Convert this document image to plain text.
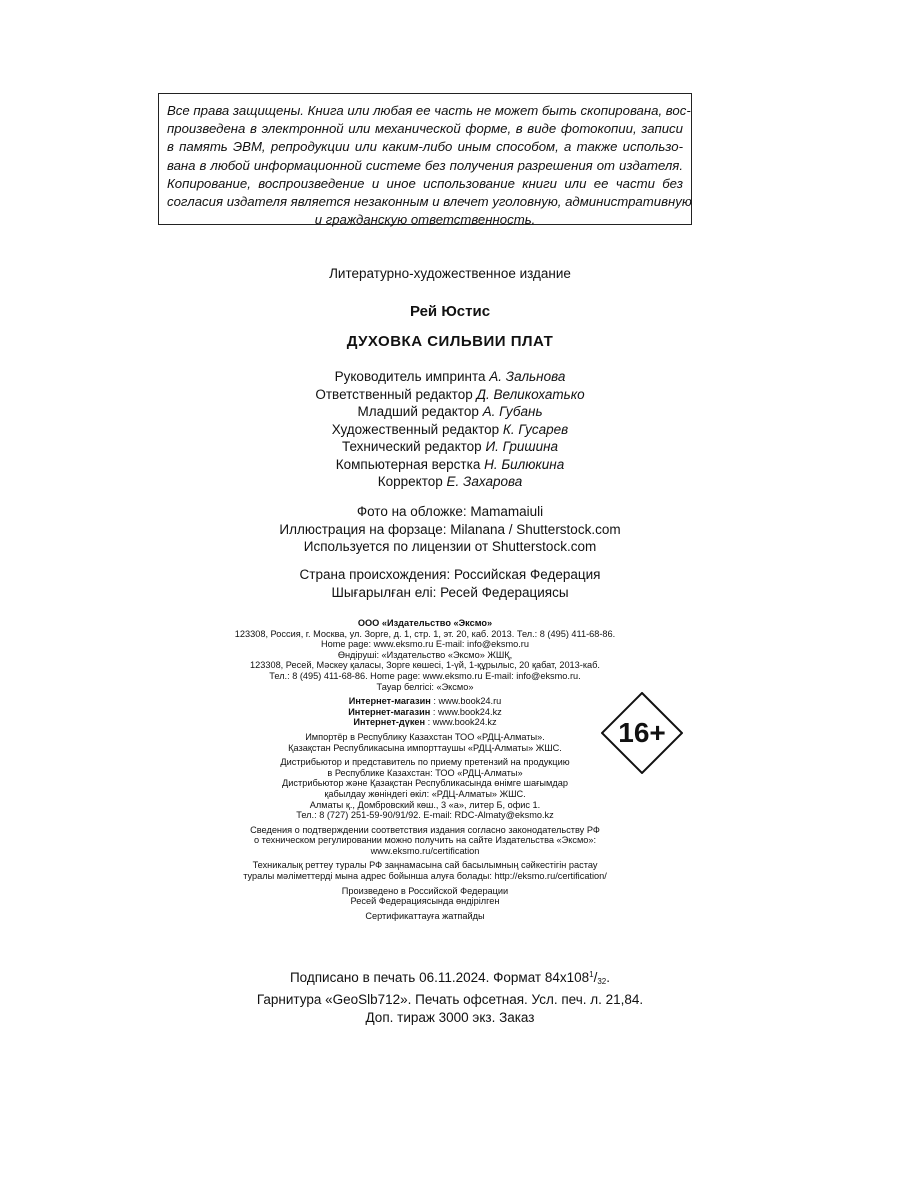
Все права защищены. Книга или любая ее часть не может быть скопирована, вос-
произведена в электронной или механической форме, в виде фотокопии, записи
в память ЭВМ, репродукции или каким-либо иным способом, а также использо-
вана в любой информационной системе без получения разрешения от издателя.
Копирование, воспроизведение и иное использование книги или ее части без
согласия издателя является незаконным и влечет уголовную, административную
и гражданскую ответственность.
Литературно-художественное издание
Рей Юстис
ДУХОВКА СИЛЬВИИ ПЛАТ
Руководитель импринта А. Зальнова
Ответственный редактор Д. Великохатько
Младший редактор А. Губань
Художественный редактор К. Гусарев
Технический редактор И. Гришина
Компьютерная верстка Н. Билюкина
Корректор Е. Захарова
Фото на обложке: Mamamaiuli
Иллюстрация на форзаце: Milanana / Shutterstock.com
Используется по лицензии от Shutterstock.com
Страна происхождения: Российская Федерация
Шығарылған елі: Ресей Федерациясы
ООО «Издательство «Эксмо»
123308, Россия, г. Москва, ул. Зорге, д. 1, стр. 1, эт. 20, каб. 2013. Тел.: 8 (495) 411-68-86.
Home page: www.eksmo.ru E-mail: info@eksmo.ru
Өндіруші: «Издательство «Эксмо» ЖШҚ,
123308, Ресей, Мәскеу қаласы, Зорге көшесі, 1-үй, 1-құрылыс, 20 қабат, 2013-каб.
Тел.: 8 (495) 411-68-86. Home page: www.eksmo.ru E-mail: info@eksmo.ru.
Тауар белгісі: «Эксмо»
Интернет-магазин : www.book24.ru
Интернет-магазин : www.book24.kz
Интернет-дүкен : www.book24.kz
Импортёр в Республику Казахстан ТОО «РДЦ-Алматы».
Қазақстан Республикасына импорттаушы «РДЦ-Алматы» ЖШС.
Дистрибьютор и представитель по приему претензий на продукцию
в Республике Казахстан: ТОО «РДЦ-Алматы»
Дистрибьютор және Қазақстан Республикасында өнімге шағымдар
қабылдау жөніндегі өкіл: «РДЦ-Алматы» ЖШС.
Алматы қ., Домбровский көш., 3 «а», литер Б, офис 1.
Тел.: 8 (727) 251-59-90/91/92. E-mail: RDC-Almaty@eksmo.kz
Сведения о подтверждении соответствия издания согласно законодательству РФ
о техническом регулировании можно получить на сайте Издательства «Эксмо»:
www.eksmo.ru/certification
Техникалық реттеу туралы РФ заңнамасына сай басылымның сәйкестігін растау
туралы мәліметтерді мына адрес бойынша алуға болады: http://eksmo.ru/certification/
Произведено в Российской Федерации
Ресей Федерациясында өндірілген
Сертификаттауға жатпайды
16+
Подписано в печать 06.11.2024. Формат $84x108^1/_{32}$.
Гарнитура «GeoSlb712». Печать офсетная. Усл. печ. л. 21,84.
Доп. тираж 3000 экз. Заказ
